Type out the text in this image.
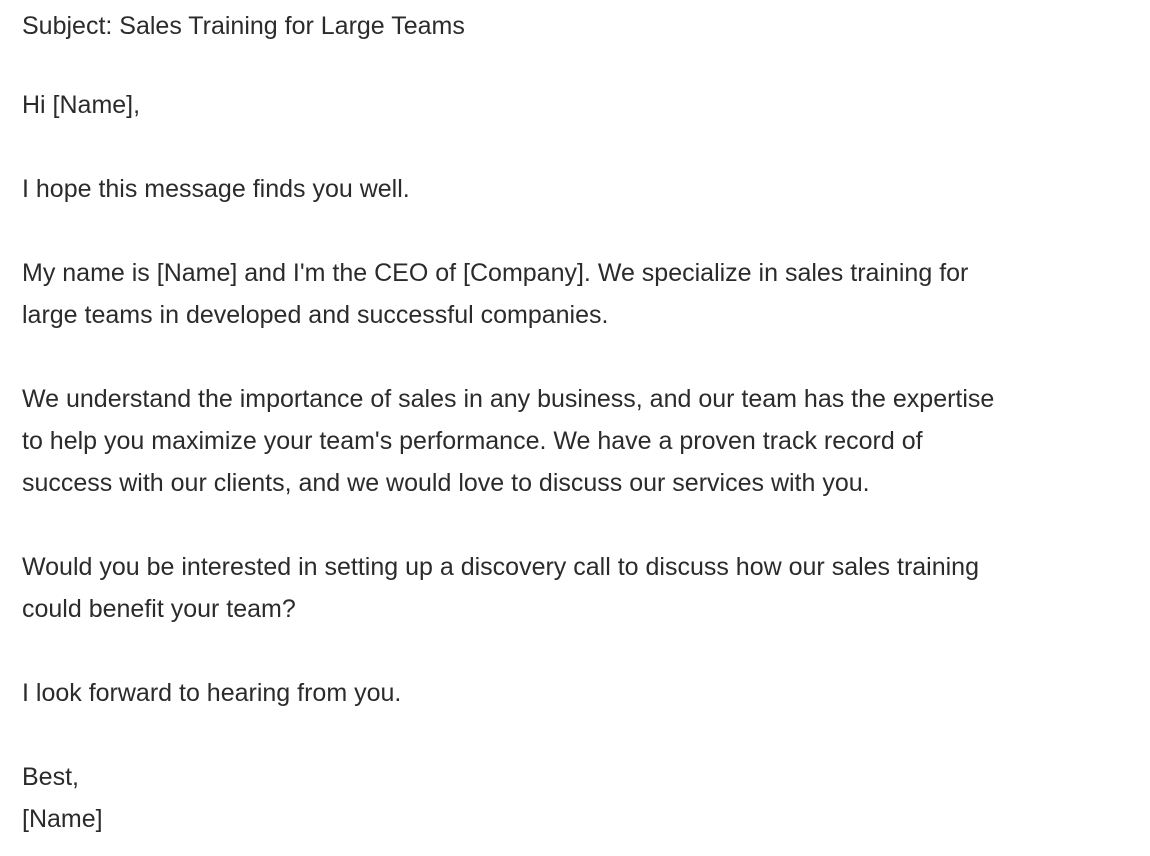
Subject: Sales Training for Large Teams
Hi [Name],
I hope this message finds you well.
My name is [Name] and I'm the CEO of [Company]. We specialize in sales training for
large teams in developed and successful companies.
We understand the importance of sales in any business, and our team has the expertise
to help you maximize your team's performance. We have a proven track record of
success with our clients, and we would love to discuss our services with you.
Would you be interested in setting up a discovery call to discuss how our sales training
could benefit your team?
I look forward to hearing from you.
Best,
[Name]
